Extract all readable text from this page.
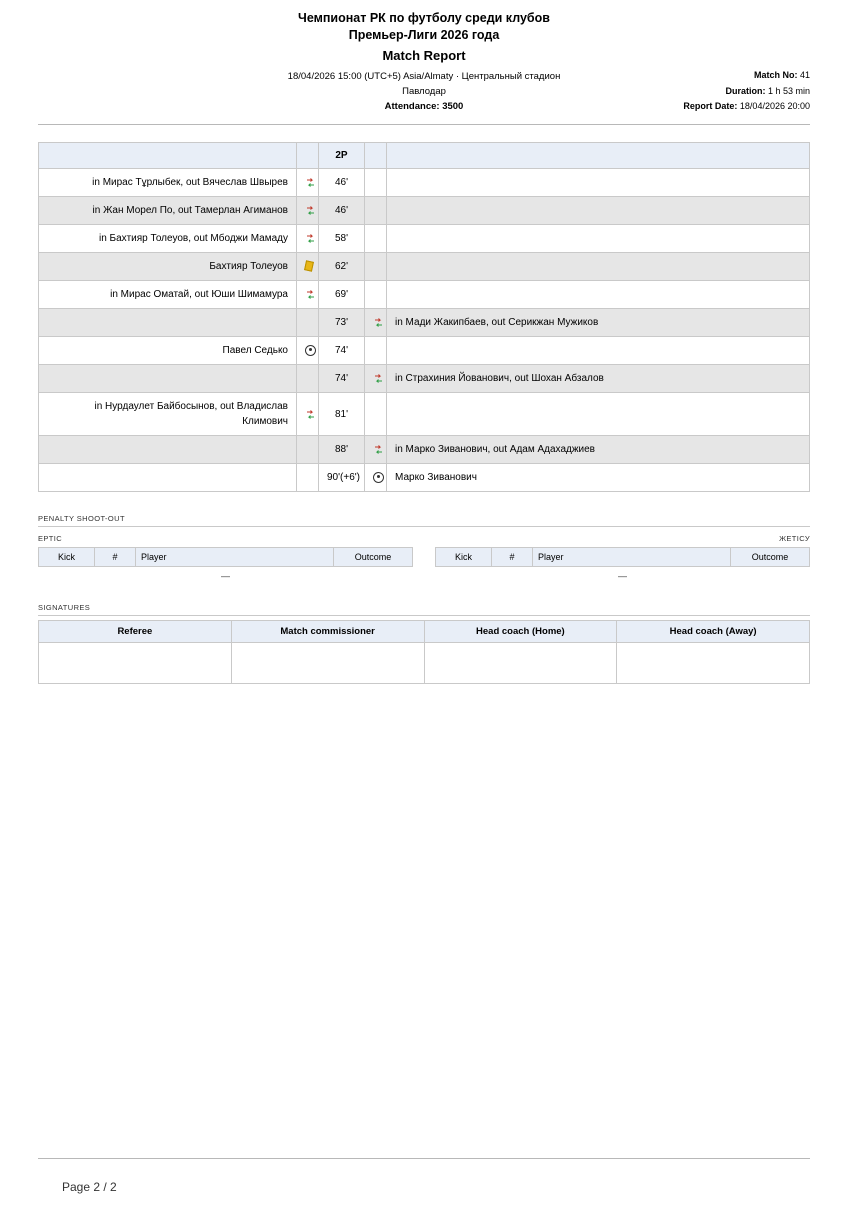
Чемпионат РК по футболу среди клубов
Премьер-Лиги 2026 года
Match Report
18/04/2026 15:00 (UTC+5) Asia/Almaty · Центральный стадион
Павлодар
Attendance: 3500
Match No: 41
Duration: 1 h 53 min
Report Date: 18/04/2026 20:00
		2P		
in Мирас Тұрлыбек, out Вячеслав Швырев		46'		
in Жан Морел По, out Тамерлан Агиманов		46'		
in Бахтияр Толеуов, out Мбоджи Мамаду		58'		
Бахтияр Толеуов		62'		
in Мирас Оматай, out Юши Шимамура		69'		
		73'		in Мади Жакипбаев, out Серикжан Мужиков
Павел Седько		74'		
		74'		in Страхиния Йованович, out Шохан Абзалов
in Нурдаулет Байбосынов, out Владислав Климович		81'		
		88'		in Марко Зиванович, out Адам Адахаджиев
		90'(+6')		Марко Зиванович
PENALTY SHOOT-OUT
EPTIC	ЖЕТІСУ
Kick	#	Player	Outcome
—
Kick	#	Player	Outcome
—
SIGNATURES
Referee	Match commissioner	Head coach (Home)	Head coach (Away)

Page 2 / 2
